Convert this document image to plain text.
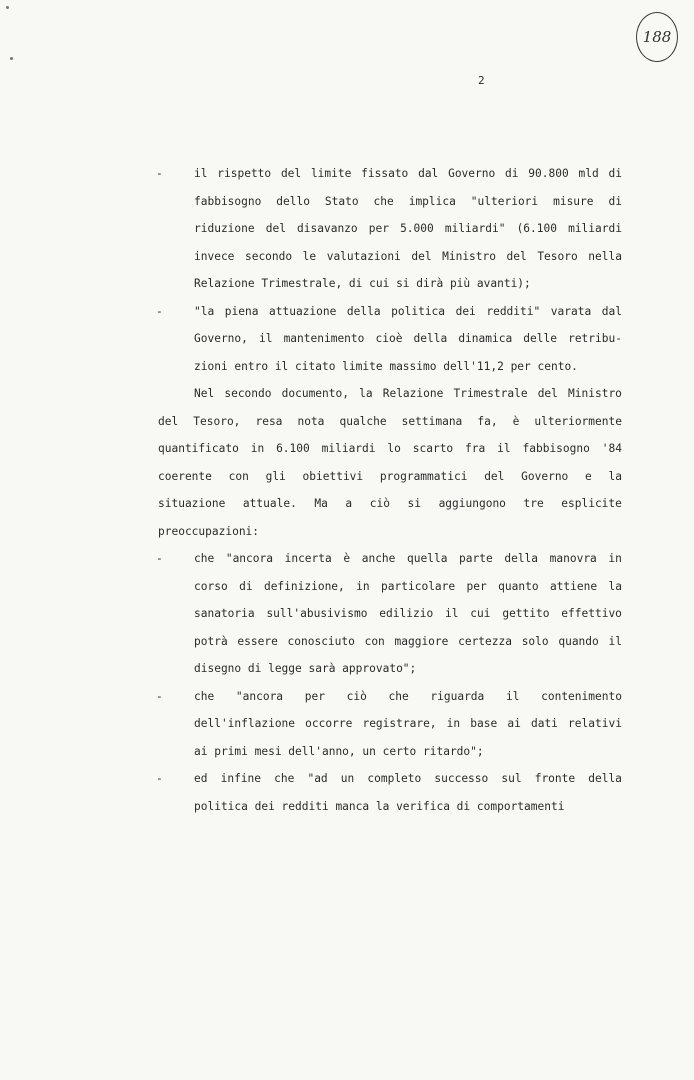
188
2
-	il rispetto del limite fissato dal Governo di 90.800 mld di
fabbisogno dello Stato che implica "ulteriori misure di
riduzione del disavanzo per 5.000 miliardi" (6.100 miliardi
invece secondo le valutazioni del Ministro del Tesoro nella
Relazione Trimestrale, di cui si dirà più avanti);
-	"la piena attuazione della politica dei redditi" varata dal
Governo, il mantenimento cioè della dinamica delle retribu-
zioni entro il citato limite massimo dell'11,2 per cento.
Nel secondo documento, la Relazione Trimestrale del Ministro
del Tesoro, resa nota qualche settimana fa, è ulteriormente
quantificato in 6.100 miliardi lo scarto fra il fabbisogno '84
coerente con gli obiettivi programmatici del Governo e la
situazione attuale. Ma a ciò si aggiungono tre esplicite
preoccupazioni:
-	che "ancora incerta è anche quella parte della manovra in
corso di definizione, in particolare per quanto attiene la
sanatoria sull'abusivismo edilizio il cui gettito effettivo
potrà essere conosciuto con maggiore certezza solo quando il
disegno di legge sarà approvato";
-	che "ancora per ciò che riguarda il contenimento
dell'inflazione occorre registrare, in base ai dati relativi
ai primi mesi dell'anno, un certo ritardo";
-	ed infine che "ad un completo successo sul fronte della
politica dei redditi manca la verifica di comportamenti
